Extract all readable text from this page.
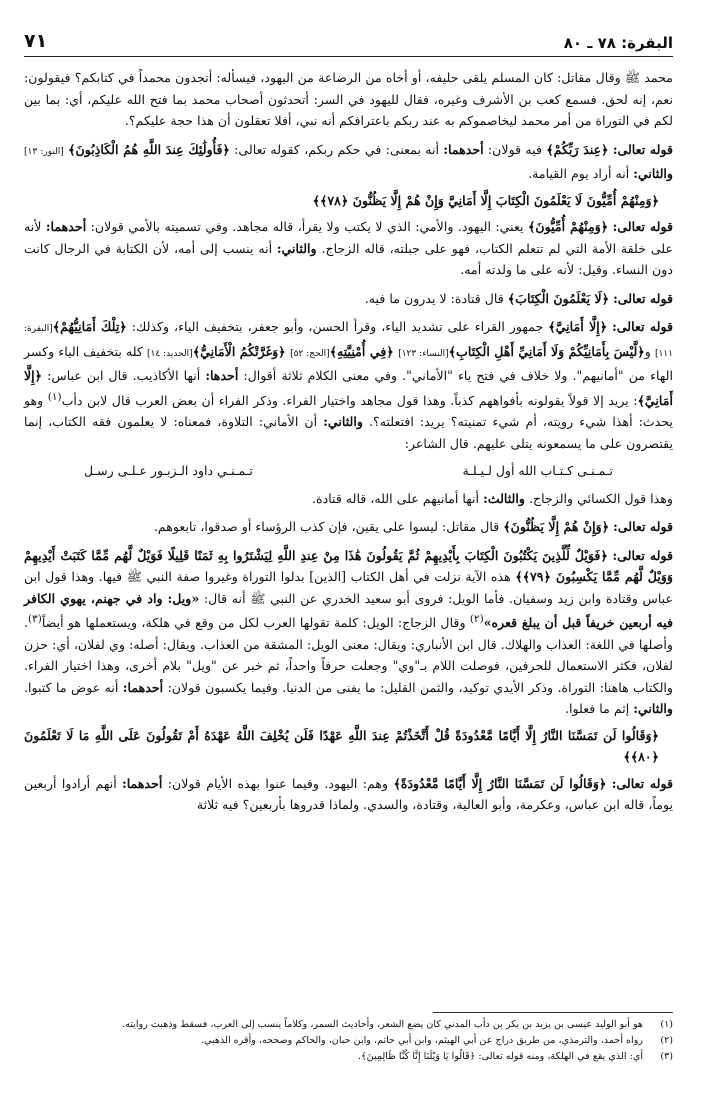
البقرة: ٧٨ ـ ٨٠
٧١

محمد ﷺ وقال مقاتل: كان المسلم يلقى حليفه، أو أخاه من الرضاعة من اليهود، فيسأله: أتجدون محمداً في كتابكم؟ فيقولون: نعم، إنه لحق. فسمع كعب بن الأشرف وغيره، فقال لليهود في السر: أتحدثون أصحاب محمد بما فتح الله عليكم، أي: بما بين لكم في التوراة من أمر محمد ليخاصموكم به عند ربكم باعترافكم أنه نبي، أفلا تعقلون أن هذا حجة عليكم؟.

قوله تعالى: ﴿عِندَ رَبِّكُمْ﴾ فيه قولان: أحدهما: أنه بمعنى: في حكم ربكم، كقوله تعالى: ﴿فَأُولَٰئِكَ عِندَ اللَّهِ هُمُ الْكَاذِبُونَ﴾ [النور: ١٣] والثاني: أنه أراد يوم القيامة.

﴿وَمِنْهُمْ أُمِّيُّونَ لَا يَعْلَمُونَ الْكِتَابَ إِلَّا أَمَانِيَّ وَإِنْ هُمْ إِلَّا يَظُنُّونَ ﴿٧٨﴾﴾

قوله تعالى: ﴿وَمِنْهُمْ أُمِّيُّونَ﴾ يعني: اليهود. والأمي: الذي لا يكتب ولا يقرأ، قاله مجاهد. وفي تسميته بالأمي قولان: أحدهما: لأنه على خلقة الأمة التي لم تتعلم الكتاب، فهو على جبلته، قاله الزجاج. والثاني: أنه ينسب إلى أمه، لأن الكتابة في الرجال كانت دون النساء. وقيل: لأنه على ما ولدته أمه.

قوله تعالى: ﴿لَا يَعْلَمُونَ الْكِتَابَ﴾ قال قتادة: لا يدرون ما فيه.

قوله تعالى: ﴿إِلَّا أَمَانِيَّ﴾ جمهور القراء على تشديد الياء، وقرأ الحسن، وأبو جعفر، بتخفيف الياء، وكذلك: ﴿تِلْكَ أَمَانِيُّهُمْ﴾[البقرة: ١١١] و﴿لَّيْسَ بِأَمَانِيِّكُمْ وَلَا أَمَانِيِّ أَهْلِ الْكِتَابِ﴾[النساء: ١٢٣] ﴿فِي أُمْنِيَّتِهِ﴾[الحج: ٥٢] ﴿وَغَرَّتْكُمُ الْأَمَانِيُّ﴾[الحديد: ١٤] كله بتخفيف الياء وكسر الهاء من "أمانيهم". ولا خلاف في فتح ياء "الأماني". وفي معنى الكلام ثلاثة أقوال: أحدها: أنها الأكاذيب. قال ابن عباس: ﴿إِلَّا أَمَانِيَّ﴾: يريد إلا قولاً يقولونه بأفواههم كذباً. وهذا قول مجاهد واختيار الفراء. وذكر الفراء أن بعض العرب قال لابن دأب$^{(١)}$ وهو يحدث: أهذا شيء رويته، أم شيء تمنيته؟ يريد: افتعلته؟. والثاني: أن الأماني: التلاوة، فمعناه: لا يعلمون فقه الكتاب، إنما يقتصرون على ما يسمعونه يتلى عليهم. قال الشاعر:

تـمـنـى كـتـاب الله أول لـيـلـة
تـمـنـي داود الـزبـور عـلـى رسـل

وهذا قول الكسائي والزجاج. والثالث: أنها أمانيهم على الله، قاله قتادة.

قوله تعالى: ﴿وَإِنْ هُمْ إِلَّا يَظُنُّونَ﴾ قال مقاتل: ليسوا على يقين، فإن كذب الرؤساء أو صدقوا، تابعوهم.

قوله تعالى: ﴿فَوَيْلٌ لِّلَّذِينَ يَكْتُبُونَ الْكِتَابَ بِأَيْدِيهِمْ ثُمَّ يَقُولُونَ هَٰذَا مِنْ عِندِ اللَّهِ لِيَشْتَرُوا بِهِ ثَمَنًا قَلِيلًا فَوَيْلٌ لَّهُم مِّمَّا كَتَبَتْ أَيْدِيهِمْ وَوَيْلٌ لَّهُم مِّمَّا يَكْسِبُونَ ﴿٧٩﴾﴾ هذه الآية نزلت في أهل الكتاب [الذين] بدلوا التوراة وغيروا صفة النبي ﷺ فيها. وهذا قول ابن عباس وقتادة وابن زيد وسفيان. فأما الويل: فروى أبو سعيد الخدري عن النبي ﷺ أنه قال: «ويل: واد في جهنم، يهوي الكافر فيه أربعين خريفاً قبل أن يبلغ قعره»$^{(٢)}$ وقال الزجاج: الويل: كلمة تقولها العرب لكل من وقع في هلكة، ويستعملها هو أيضاً$^{(٣)}$. وأصلها في اللغة: العذاب والهلاك. قال ابن الأنباري: ويقال: معنى الويل: المشقة من العذاب. ويقال: أصله: وي لفلان، أي: حزن لفلان، فكثر الاستعمال للحرفين، فوصلت اللام بـ"وي" وجعلت حرفاً واحداً، ثم خبر عن "ويل" بلام أخرى، وهذا اختيار الفراء. والكتاب هاهنا: التوراة. وذكر الأيدي توكيد، والثمن القليل: ما يفنى من الدنيا. وفيما يكسبون قولان: أحدهما: أنه عوض ما كتبوا. والثاني: إثم ما فعلوا.

﴿وَقَالُوا لَن تَمَسَّنَا النَّارُ إِلَّا أَيَّامًا مَّعْدُودَةً قُلْ أَتَّخَذْتُمْ عِندَ اللَّهِ عَهْدًا فَلَن يُخْلِفَ اللَّهُ عَهْدَهُ أَمْ تَقُولُونَ عَلَى اللَّهِ مَا لَا تَعْلَمُونَ ﴿٨٠﴾﴾

قوله تعالى: ﴿وَقَالُوا لَن تَمَسَّنَا النَّارُ إِلَّا أَيَّامًا مَّعْدُودَةً﴾ وهم: اليهود. وفيما عنوا بهذه الأيام قولان: أحدهما: أنهم أرادوا أربعين يوماً، قاله ابن عباس، وعكرمة، وأبو العالية، وقتادة، والسدي. ولماذا قدروها بأربعين؟ فيه ثلاثة

(١)
هو أبو الوليد عيسى بن يزيد بن بكر بن دأب المدني كان يضع الشعر، وأحاديث السمر، وكلاماً ينسب إلى العرب، فسقط وذهبت روايته.
(٢)
رواه أحمد، والترمذي، من طريق دراج عن أبي الهيثم، وابن أبي حاتم، وابن حبان، والحاكم وصححه، وأقره الذهبي.
(٣)
أي: الذي يقع في الهلكة، ومنه قوله تعالى: ﴿قَالُوا يَا وَيْلَنَا إِنَّا كُنَّا ظَالِمِينَ﴾.
